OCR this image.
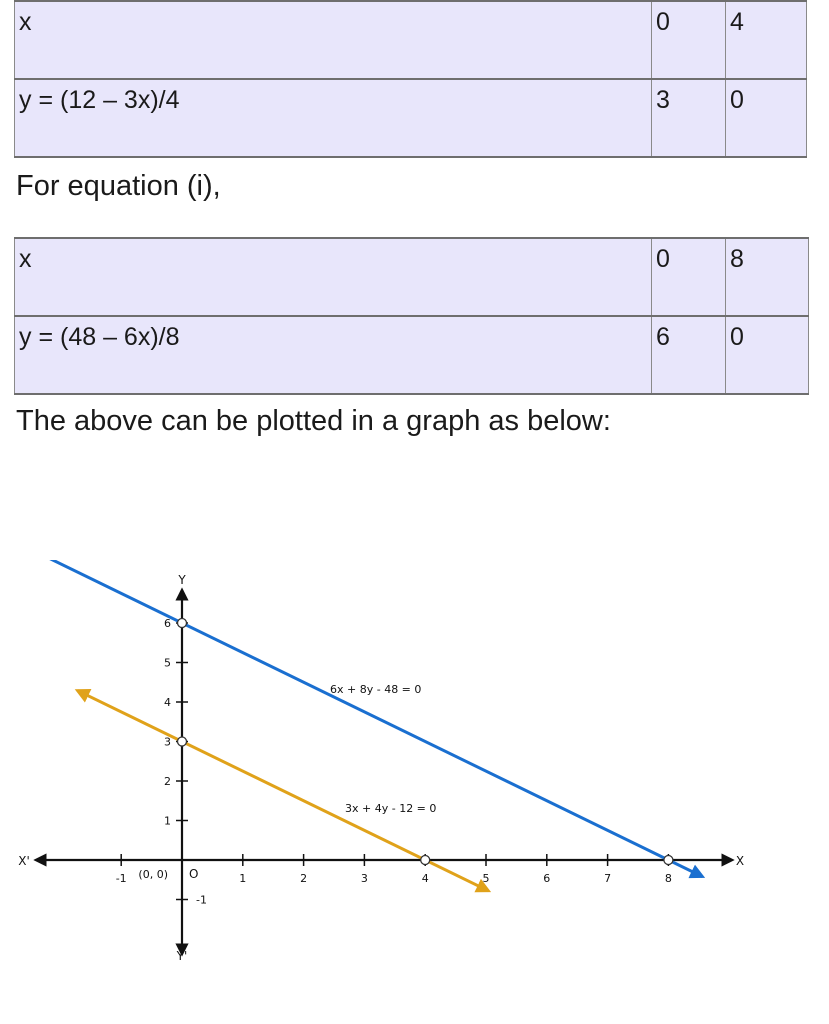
x	0	4
y = (12 – 3x)/4	3	0

For equation (i),

x	0	8
y = (48 – 6x)/8	6	0

The above can be plotted in a graph as below:

X
X'
Y
Y'
-1	1	2	3	4	5	6	7	8
1
2
3
4
5
6
-1
(0, 0) O
6x + 8y - 48 = 0
3x + 4y - 12 = 0
